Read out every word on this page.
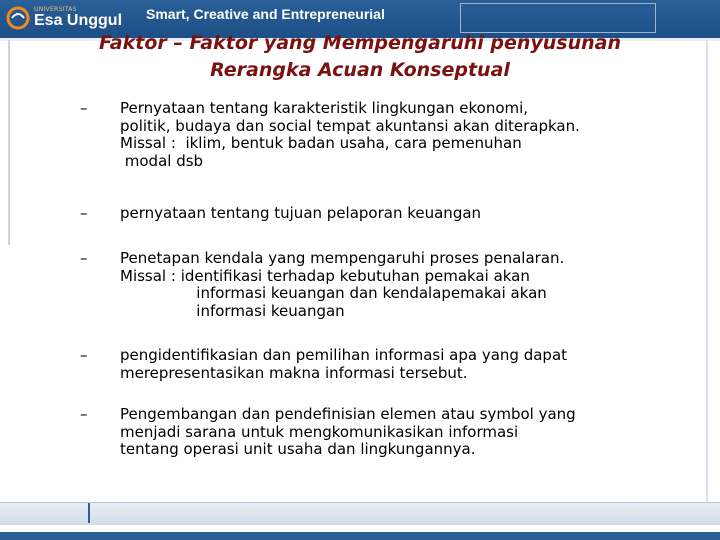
UNIVERSITAS
Esa Unggul Smart, Creative and Entrepreneurial
Faktor – Faktor yang Mempengaruhi penyusunan
Rerangka Acuan Konseptual
–	Pernyataan tentang karakteristik lingkungan ekonomi,
politik, budaya dan social tempat akuntansi akan diterapkan.
Missal :  iklim, bentuk badan usaha, cara pemenuhan
modal dsb
–	pernyataan tentang tujuan pelaporan keuangan
–	Penetapan kendala yang mempengaruhi proses penalaran.
Missal : identifikasi terhadap kebutuhan pemakai akan
informasi keuangan dan kendalapemakai akan
informasi keuangan
–	pengidentifikasian dan pemilihan informasi apa yang dapat
merepresentasikan makna informasi tersebut.
–	Pengembangan dan pendefinisian elemen atau symbol yang
menjadi sarana untuk mengkomunikasikan informasi
tentang operasi unit usaha dan lingkungannya.
